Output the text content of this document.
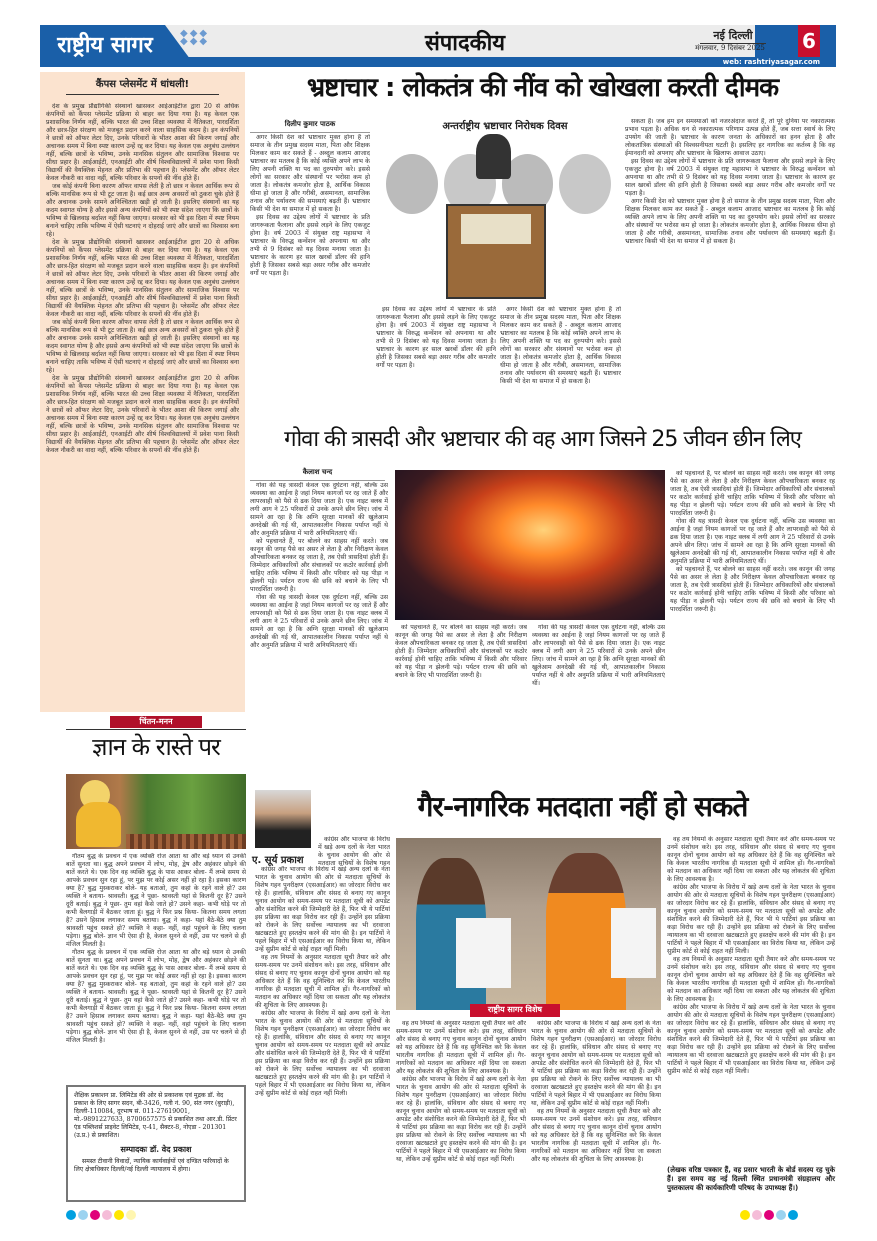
राष्ट्रीय सागर	◆◆◆
◆◆◆	संपादकीय	नई दिल्ली
मंगलवार, 9 दिसंबर 2025 6
web: rashtriyasagar.com
कैंपस प्लेसमेंट में धांधली!

देश के प्रमुख प्रौद्योगिकी संस्थानों खासकर आईआईटीज द्वारा 20 से अधिक कंपनियों को कैंपस प्लेसमेंट प्रक्रिया से बाहर कर दिया गया है। यह केवल एक प्रशासनिक निर्णय नहीं, बल्कि भारत की उच्च शिक्षा व्यवस्था में नैतिकता, पारदर्शिता और छात्र-हित संरक्षण को मजबूत प्रदान करने वाला साहसिक कदम है। इन कंपनियों ने छात्रों को ऑफर लेटर दिए, उनके परिवारों के भीतर आशा की किरण जगाई और अचानक समय में बिना स्पष्ट कारण उन्हें रद्द कर दिया। यह केवल एक अनुबंध उल्लंघन नहीं, बल्कि छात्रों के भविष्य, उनके मानसिक संतुलन और सामाजिक विश्वास पर सीधा प्रहार है। आईआईटी, एनआईटी और शीर्ष विश्वविद्यालयों में प्रवेश पाना किसी विद्यार्थी की वैयक्तिक मेहनत और प्रतिभा की पहचान है। प्लेसमेंट और ऑफर लेटर केवल नौकरी का वादा नहीं, बल्कि परिवार के सपनों की नींव होते हैं।

जब कोई कंपनी बिना कारण ऑफर वापस लेती है तो छात्र न केवल आर्थिक रूप से बल्कि मानसिक रूप से भी टूट जाता है। कई छात्र अन्य अवसरों को ठुकरा चुके होते हैं और अचानक उनके सामने अनिश्चितता खड़ी हो जाती है। इसलिए संस्थानों का यह कदम स्वागत योग्य है और इससे अन्य कंपनियों को भी स्पष्ट संदेश जाएगा कि छात्रों के भविष्य से खिलवाड़ बर्दाश्त नहीं किया जाएगा। सरकार को भी इस दिशा में स्पष्ट नियम बनाने चाहिए ताकि भविष्य में ऐसी घटनाएं न दोहराई जाएं और छात्रों का विश्वास बना रहे।

देश के प्रमुख प्रौद्योगिकी संस्थानों खासकर आईआईटीज द्वारा 20 से अधिक कंपनियों को कैंपस प्लेसमेंट प्रक्रिया से बाहर कर दिया गया है। यह केवल एक प्रशासनिक निर्णय नहीं, बल्कि भारत की उच्च शिक्षा व्यवस्था में नैतिकता, पारदर्शिता और छात्र-हित संरक्षण को मजबूत प्रदान करने वाला साहसिक कदम है। इन कंपनियों ने छात्रों को ऑफर लेटर दिए, उनके परिवारों के भीतर आशा की किरण जगाई और अचानक समय में बिना स्पष्ट कारण उन्हें रद्द कर दिया। यह केवल एक अनुबंध उल्लंघन नहीं, बल्कि छात्रों के भविष्य, उनके मानसिक संतुलन और सामाजिक विश्वास पर सीधा प्रहार है। आईआईटी, एनआईटी और शीर्ष विश्वविद्यालयों में प्रवेश पाना किसी विद्यार्थी की वैयक्तिक मेहनत और प्रतिभा की पहचान है। प्लेसमेंट और ऑफर लेटर केवल नौकरी का वादा नहीं, बल्कि परिवार के सपनों की नींव होते हैं।

जब कोई कंपनी बिना कारण ऑफर वापस लेती है तो छात्र न केवल आर्थिक रूप से बल्कि मानसिक रूप से भी टूट जाता है। कई छात्र अन्य अवसरों को ठुकरा चुके होते हैं और अचानक उनके सामने अनिश्चितता खड़ी हो जाती है। इसलिए संस्थानों का यह कदम स्वागत योग्य है और इससे अन्य कंपनियों को भी स्पष्ट संदेश जाएगा कि छात्रों के भविष्य से खिलवाड़ बर्दाश्त नहीं किया जाएगा। सरकार को भी इस दिशा में स्पष्ट नियम बनाने चाहिए ताकि भविष्य में ऐसी घटनाएं न दोहराई जाएं और छात्रों का विश्वास बना रहे।

देश के प्रमुख प्रौद्योगिकी संस्थानों खासकर आईआईटीज द्वारा 20 से अधिक कंपनियों को कैंपस प्लेसमेंट प्रक्रिया से बाहर कर दिया गया है। यह केवल एक प्रशासनिक निर्णय नहीं, बल्कि भारत की उच्च शिक्षा व्यवस्था में नैतिकता, पारदर्शिता और छात्र-हित संरक्षण को मजबूत प्रदान करने वाला साहसिक कदम है। इन कंपनियों ने छात्रों को ऑफर लेटर दिए, उनके परिवारों के भीतर आशा की किरण जगाई और अचानक समय में बिना स्पष्ट कारण उन्हें रद्द कर दिया। यह केवल एक अनुबंध उल्लंघन नहीं, बल्कि छात्रों के भविष्य, उनके मानसिक संतुलन और सामाजिक विश्वास पर सीधा प्रहार है। आईआईटी, एनआईटी और शीर्ष विश्वविद्यालयों में प्रवेश पाना किसी विद्यार्थी की वैयक्तिक मेहनत और प्रतिभा की पहचान है। प्लेसमेंट और ऑफर लेटर केवल नौकरी का वादा नहीं, बल्कि परिवार के सपनों की नींव होते हैं।

चिंतन-मनन
ज्ञान के रास्ते पर

गौतम बुद्ध के प्रवचन में एक व्यक्ति रोज आता था और बड़े ध्यान से उनकी बातें सुनता था। बुद्ध अपने प्रवचन में लोभ, मोह, द्वेष और अहंकार छोड़ने की बातें करते थे। एक दिन वह व्यक्ति बुद्ध के पास आकर बोला- मैं लम्बे समय से आपके प्रवचन सुन रहा हूं, पर मुझ पर कोई असर नहीं हो रहा है। इसका कारण क्या है? बुद्ध मुस्कराकर बोले- यह बताओ, तुम कहां के रहने वाले हो? उस व्यक्ति ने बताया- श्रावस्ती। बुद्ध ने पूछा- श्रावस्ती यहां से कितनी दूर है? उसने दूरी बताई। बुद्ध ने पूछा- तुम वहां कैसे जाते हो? उसने कहा- कभी घोड़े पर तो कभी बैलगाड़ी में बैठकर जाता हूं। बुद्ध ने फिर प्रश्न किया- कितना समय लगता है? उसने हिसाब लगाकर समय बताया। बुद्ध ने कहा- यहां बैठे-बैठे क्या तुम श्रावस्ती पहुंच सकते हो? व्यक्ति ने कहा- नहीं, वहां पहुंचने के लिए चलना पड़ेगा। बुद्ध बोले- ज्ञान भी ऐसा ही है, केवल सुनने से नहीं, उस पर चलने से ही मंजिल मिलती है।

गौतम बुद्ध के प्रवचन में एक व्यक्ति रोज आता था और बड़े ध्यान से उनकी बातें सुनता था। बुद्ध अपने प्रवचन में लोभ, मोह, द्वेष और अहंकार छोड़ने की बातें करते थे। एक दिन वह व्यक्ति बुद्ध के पास आकर बोला- मैं लम्बे समय से आपके प्रवचन सुन रहा हूं, पर मुझ पर कोई असर नहीं हो रहा है। इसका कारण क्या है? बुद्ध मुस्कराकर बोले- यह बताओ, तुम कहां के रहने वाले हो? उस व्यक्ति ने बताया- श्रावस्ती। बुद्ध ने पूछा- श्रावस्ती यहां से कितनी दूर है? उसने दूरी बताई। बुद्ध ने पूछा- तुम वहां कैसे जाते हो? उसने कहा- कभी घोड़े पर तो कभी बैलगाड़ी में बैठकर जाता हूं। बुद्ध ने फिर प्रश्न किया- कितना समय लगता है? उसने हिसाब लगाकर समय बताया। बुद्ध ने कहा- यहां बैठे-बैठे क्या तुम श्रावस्ती पहुंच सकते हो? व्यक्ति ने कहा- नहीं, वहां पहुंचने के लिए चलना पड़ेगा। बुद्ध बोले- ज्ञान भी ऐसा ही है, केवल सुनने से नहीं, उस पर चलने से ही मंजिल मिलती है।

शैक्षिक प्रकाशन प्रा. लिमिटेड की ओर से प्रकाशक एवं मुद्रक डॉ. वेद प्रकाश के लिए सागर सदन, बी-3426, गली नं. 90, संत नगर (बुराड़ी), दिल्ली-110084, दूरभाष सं. 011-27619001, मो.-9891227633, 8700657575 से प्रकाशित तथा आर.डी. प्रिंटर एंड पब्लिशर्स प्राइवेट लिमिटेड, ए-41, सैक्टर-8, नोएडा - 201301 (उ.प्र.) से प्रकाशित।

सम्पादकः डॉ. वेद प्रकाश

समस्त टीवानी विवादों, न्यायिक कार्यवाईयों एवं दण्डित फरियादों के लिए क्षेत्राधिकार दिल्ली/नई दिल्ली न्यायालय में होगा।

भ्रष्टाचार : लोकतंत्र की नींव को खोखला करती दीमक
दिलीप कुमार पाठक	अन्तर्राष्ट्रीय भ्रष्टाचार निरोधक दिवस

अगर किसी देश को भ्रष्टाचार मुक्त होना है तो समाज के तीन प्रमुख सदस्य माता, पिता और शिक्षक मिलकर काम कर सकते हैं - अब्दुल कलाम आजाद भ्रष्टाचार का मतलब है कि कोई व्यक्ति अपने लाभ के लिए अपनी शक्ति या पद का दुरुपयोग करे। इससे लोगों का सरकार और संस्थानों पर भरोसा कम हो जाता है। लोकतंत्र कमजोर होता है, आर्थिक विकास धीमा हो जाता है और गरीबी, असमानता, सामाजिक तनाव और पर्यावरण की समस्याएं बढ़ती हैं। भ्रष्टाचार किसी भी देश या समाज में हो सकता है।

इस दिवस का उद्देश्य लोगों में भ्रष्टाचार के प्रति जागरूकता फैलाना और इससे लड़ने के लिए एकजुट होना है। वर्ष 2003 में संयुक्त राष्ट्र महासभा ने भ्रष्टाचार के विरुद्ध कन्वेंशन को अपनाया था और तभी से 9 दिसंबर को यह दिवस मनाया जाता है। भ्रष्टाचार के कारण हर साल खरबों डॉलर की हानि होती है जिसका सबसे बड़ा असर गरीब और कमजोर वर्गों पर पड़ता है।

इस दिवस का उद्देश्य लोगों में भ्रष्टाचार के प्रति जागरूकता फैलाना और इससे लड़ने के लिए एकजुट होना है। वर्ष 2003 में संयुक्त राष्ट्र महासभा ने भ्रष्टाचार के विरुद्ध कन्वेंशन को अपनाया था और तभी से 9 दिसंबर को यह दिवस मनाया जाता है। भ्रष्टाचार के कारण हर साल खरबों डॉलर की हानि होती है जिसका सबसे बड़ा असर गरीब और कमजोर वर्गों पर पड़ता है।

अगर किसी देश को भ्रष्टाचार मुक्त होना है तो समाज के तीन प्रमुख सदस्य माता, पिता और शिक्षक मिलकर काम कर सकते हैं - अब्दुल कलाम आजाद भ्रष्टाचार का मतलब है कि कोई व्यक्ति अपने लाभ के लिए अपनी शक्ति या पद का दुरुपयोग करे। इससे लोगों का सरकार और संस्थानों पर भरोसा कम हो जाता है। लोकतंत्र कमजोर होता है, आर्थिक विकास धीमा हो जाता है और गरीबी, असमानता, सामाजिक तनाव और पर्यावरण की समस्याएं बढ़ती हैं। भ्रष्टाचार किसी भी देश या समाज में हो सकता है।

सकता है। जब हम इन समस्याओं को नजरअंदाज करते हैं, तो पूरे दुनिया पर नकारात्मक प्रभाव पड़ता है। अधिक धन से नकारात्मक परिणाम उत्पन्न होते हैं, जब सत्ता स्वार्थ के लिए उपयोग की जाती है। भ्रष्टाचार के कारण जनता के अधिकारों का हनन होता है और लोकतांत्रिक संस्थाओं की विश्वसनीयता घटती है। इसलिए हर नागरिक का कर्तव्य है कि वह ईमानदारी को अपनाए और भ्रष्टाचार के खिलाफ आवाज उठाए।

इस दिवस का उद्देश्य लोगों में भ्रष्टाचार के प्रति जागरूकता फैलाना और इससे लड़ने के लिए एकजुट होना है। वर्ष 2003 में संयुक्त राष्ट्र महासभा ने भ्रष्टाचार के विरुद्ध कन्वेंशन को अपनाया था और तभी से 9 दिसंबर को यह दिवस मनाया जाता है। भ्रष्टाचार के कारण हर साल खरबों डॉलर की हानि होती है जिसका सबसे बड़ा असर गरीब और कमजोर वर्गों पर पड़ता है।

अगर किसी देश को भ्रष्टाचार मुक्त होना है तो समाज के तीन प्रमुख सदस्य माता, पिता और शिक्षक मिलकर काम कर सकते हैं - अब्दुल कलाम आजाद भ्रष्टाचार का मतलब है कि कोई व्यक्ति अपने लाभ के लिए अपनी शक्ति या पद का दुरुपयोग करे। इससे लोगों का सरकार और संस्थानों पर भरोसा कम हो जाता है। लोकतंत्र कमजोर होता है, आर्थिक विकास धीमा हो जाता है और गरीबी, असमानता, सामाजिक तनाव और पर्यावरण की समस्याएं बढ़ती हैं। भ्रष्टाचार किसी भी देश या समाज में हो सकता है।

गोवा की त्रासदी और भ्रष्टाचार की वह आग जिसने 25 जीवन छीन लिए
कैलाश चन्द

गोवा की यह त्रासदी केवल एक दुर्घटना नहीं, बल्कि उस व्यवस्था का आईना है जहां नियम कागजों पर रह जाते हैं और लापरवाही को पैसे से ढक दिया जाता है। एक नाइट क्लब में लगी आग ने 25 परिवारों से उनके अपने छीन लिए। जांच में सामने आ रहा है कि अग्नि सुरक्षा मानकों की खुलेआम अनदेखी की गई थी, आपातकालीन निकास पर्याप्त नहीं थे और अनुमति प्रक्रिया में भारी अनियमितताएं थीं।

को पहचानते हैं, पर बोलने का साहस नहीं करते। जब कानून की जगह पैसे का असर ले लेता है और निरीक्षण केवल औपचारिकता बनकर रह जाता है, तब ऐसी त्रासदियां होती हैं। जिम्मेदार अधिकारियों और संचालकों पर कठोर कार्रवाई होनी चाहिए ताकि भविष्य में किसी और परिवार को यह पीड़ा न झेलनी पड़े। पर्यटन राज्य की छवि को बचाने के लिए भी पारदर्शिता जरूरी है।

गोवा की यह त्रासदी केवल एक दुर्घटना नहीं, बल्कि उस व्यवस्था का आईना है जहां नियम कागजों पर रह जाते हैं और लापरवाही को पैसे से ढक दिया जाता है। एक नाइट क्लब में लगी आग ने 25 परिवारों से उनके अपने छीन लिए। जांच में सामने आ रहा है कि अग्नि सुरक्षा मानकों की खुलेआम अनदेखी की गई थी, आपातकालीन निकास पर्याप्त नहीं थे और अनुमति प्रक्रिया में भारी अनियमितताएं थीं।

को पहचानते हैं, पर बोलने का साहस नहीं करते। जब कानून की जगह पैसे का असर ले लेता है और निरीक्षण केवल औपचारिकता बनकर रह जाता है, तब ऐसी त्रासदियां होती हैं। जिम्मेदार अधिकारियों और संचालकों पर कठोर कार्रवाई होनी चाहिए ताकि भविष्य में किसी और परिवार को यह पीड़ा न झेलनी पड़े। पर्यटन राज्य की छवि को बचाने के लिए भी पारदर्शिता जरूरी है।

गोवा की यह त्रासदी केवल एक दुर्घटना नहीं, बल्कि उस व्यवस्था का आईना है जहां नियम कागजों पर रह जाते हैं और लापरवाही को पैसे से ढक दिया जाता है। एक नाइट क्लब में लगी आग ने 25 परिवारों से उनके अपने छीन लिए। जांच में सामने आ रहा है कि अग्नि सुरक्षा मानकों की खुलेआम अनदेखी की गई थी, आपातकालीन निकास पर्याप्त नहीं थे और अनुमति प्रक्रिया में भारी अनियमितताएं थीं।

को पहचानते हैं, पर बोलने का साहस नहीं करते। जब कानून की जगह पैसे का असर ले लेता है और निरीक्षण केवल औपचारिकता बनकर रह जाता है, तब ऐसी त्रासदियां होती हैं। जिम्मेदार अधिकारियों और संचालकों पर कठोर कार्रवाई होनी चाहिए ताकि भविष्य में किसी और परिवार को यह पीड़ा न झेलनी पड़े। पर्यटन राज्य की छवि को बचाने के लिए भी पारदर्शिता जरूरी है।

गोवा की यह त्रासदी केवल एक दुर्घटना नहीं, बल्कि उस व्यवस्था का आईना है जहां नियम कागजों पर रह जाते हैं और लापरवाही को पैसे से ढक दिया जाता है। एक नाइट क्लब में लगी आग ने 25 परिवारों से उनके अपने छीन लिए। जांच में सामने आ रहा है कि अग्नि सुरक्षा मानकों की खुलेआम अनदेखी की गई थी, आपातकालीन निकास पर्याप्त नहीं थे और अनुमति प्रक्रिया में भारी अनियमितताएं थीं।

को पहचानते हैं, पर बोलने का साहस नहीं करते। जब कानून की जगह पैसे का असर ले लेता है और निरीक्षण केवल औपचारिकता बनकर रह जाता है, तब ऐसी त्रासदियां होती हैं। जिम्मेदार अधिकारियों और संचालकों पर कठोर कार्रवाई होनी चाहिए ताकि भविष्य में किसी और परिवार को यह पीड़ा न झेलनी पड़े। पर्यटन राज्य की छवि को बचाने के लिए भी पारदर्शिता जरूरी है।

ए. सूर्य प्रकाश
गैर-नागरिक मतदाता नहीं हो सकते

कांग्रेस और भाजपा के विरोध में खड़े अन्य दलों के नेता भारत के चुनाव आयोग की ओर से मतदाता सूचियों के विशेष गहन

कांग्रेस और भाजपा के विरोध में खड़े अन्य दलों के नेता भारत के चुनाव आयोग की ओर से मतदाता सूचियों के विशेष गहन पुनरीक्षण (एसआईआर) का जोरदार विरोध कर रहे हैं। हालांकि, संविधान और संसद से बनाए गए कानून चुनाव आयोग को समय-समय पर मतदाता सूची को अपडेट और संशोधित करने की जिम्मेदारी देते हैं, फिर भी ये पार्टियां इस प्रक्रिया का कड़ा विरोध कर रही हैं। उन्होंने इस प्रक्रिया को रोकने के लिए सर्वोच्च न्यायालय का भी दरवाजा खटखटाते हुए हस्तक्षेप करने की मांग की है। इन पार्टियों ने पहले बिहार में भी एसआईआर का विरोध किया था, लेकिन उन्हें सुप्रीम कोर्ट से कोई राहत नहीं मिली।

वह तय नियमों के अनुसार मतदाता सूची तैयार करे और समय-समय पर उनमें संशोधन करे। इस तरह, संविधान और संसद से बनाए गए चुनाव कानून दोनों चुनाव आयोग को यह अधिकार देते हैं कि वह सुनिश्चित करे कि केवल भारतीय नागरिक ही मतदाता सूची में शामिल हों। गैर-नागरिकों को मतदान का अधिकार नहीं दिया जा सकता और यह लोकतंत्र की शुचिता के लिए आवश्यक है।

कांग्रेस और भाजपा के विरोध में खड़े अन्य दलों के नेता भारत के चुनाव आयोग की ओर से मतदाता सूचियों के विशेष गहन पुनरीक्षण (एसआईआर) का जोरदार विरोध कर रहे हैं। हालांकि, संविधान और संसद से बनाए गए कानून चुनाव आयोग को समय-समय पर मतदाता सूची को अपडेट और संशोधित करने की जिम्मेदारी देते हैं, फिर भी ये पार्टियां इस प्रक्रिया का कड़ा विरोध कर रही हैं। उन्होंने इस प्रक्रिया को रोकने के लिए सर्वोच्च न्यायालय का भी दरवाजा खटखटाते हुए हस्तक्षेप करने की मांग की है। इन पार्टियों ने पहले बिहार में भी एसआईआर का विरोध किया था, लेकिन उन्हें सुप्रीम कोर्ट से कोई राहत नहीं मिली।

राष्ट्रीय सागर विशेष

वह तय नियमों के अनुसार मतदाता सूची तैयार करे और समय-समय पर उनमें संशोधन करे। इस तरह, संविधान और संसद से बनाए गए चुनाव कानून दोनों चुनाव आयोग को यह अधिकार देते हैं कि वह सुनिश्चित करे कि केवल भारतीय नागरिक ही मतदाता सूची में शामिल हों। गैर-नागरिकों को मतदान का अधिकार नहीं दिया जा सकता और यह लोकतंत्र की शुचिता के लिए आवश्यक है।

कांग्रेस और भाजपा के विरोध में खड़े अन्य दलों के नेता भारत के चुनाव आयोग की ओर से मतदाता सूचियों के विशेष गहन पुनरीक्षण (एसआईआर) का जोरदार विरोध कर रहे हैं। हालांकि, संविधान और संसद से बनाए गए कानून चुनाव आयोग को समय-समय पर मतदाता सूची को अपडेट और संशोधित करने की जिम्मेदारी देते हैं, फिर भी ये पार्टियां इस प्रक्रिया का कड़ा विरोध कर रही हैं। उन्होंने इस प्रक्रिया को रोकने के लिए सर्वोच्च न्यायालय का भी दरवाजा खटखटाते हुए हस्तक्षेप करने की मांग की है। इन पार्टियों ने पहले बिहार में भी एसआईआर का विरोध किया था, लेकिन उन्हें सुप्रीम कोर्ट से कोई राहत नहीं मिली।

कांग्रेस और भाजपा के विरोध में खड़े अन्य दलों के नेता भारत के चुनाव आयोग की ओर से मतदाता सूचियों के विशेष गहन पुनरीक्षण (एसआईआर) का जोरदार विरोध कर रहे हैं। हालांकि, संविधान और संसद से बनाए गए कानून चुनाव आयोग को समय-समय पर मतदाता सूची को अपडेट और संशोधित करने की जिम्मेदारी देते हैं, फिर भी ये पार्टियां इस प्रक्रिया का कड़ा विरोध कर रही हैं। उन्होंने इस प्रक्रिया को रोकने के लिए सर्वोच्च न्यायालय का भी दरवाजा खटखटाते हुए हस्तक्षेप करने की मांग की है। इन पार्टियों ने पहले बिहार में भी एसआईआर का विरोध किया था, लेकिन उन्हें सुप्रीम कोर्ट से कोई राहत नहीं मिली।

वह तय नियमों के अनुसार मतदाता सूची तैयार करे और समय-समय पर उनमें संशोधन करे। इस तरह, संविधान और संसद से बनाए गए चुनाव कानून दोनों चुनाव आयोग को यह अधिकार देते हैं कि वह सुनिश्चित करे कि केवल भारतीय नागरिक ही मतदाता सूची में शामिल हों। गैर-नागरिकों को मतदान का अधिकार नहीं दिया जा सकता और यह लोकतंत्र की शुचिता के लिए आवश्यक है।

वह तय नियमों के अनुसार मतदाता सूची तैयार करे और समय-समय पर उनमें संशोधन करे। इस तरह, संविधान और संसद से बनाए गए चुनाव कानून दोनों चुनाव आयोग को यह अधिकार देते हैं कि वह सुनिश्चित करे कि केवल भारतीय नागरिक ही मतदाता सूची में शामिल हों। गैर-नागरिकों को मतदान का अधिकार नहीं दिया जा सकता और यह लोकतंत्र की शुचिता के लिए आवश्यक है।

कांग्रेस और भाजपा के विरोध में खड़े अन्य दलों के नेता भारत के चुनाव आयोग की ओर से मतदाता सूचियों के विशेष गहन पुनरीक्षण (एसआईआर) का जोरदार विरोध कर रहे हैं। हालांकि, संविधान और संसद से बनाए गए कानून चुनाव आयोग को समय-समय पर मतदाता सूची को अपडेट और संशोधित करने की जिम्मेदारी देते हैं, फिर भी ये पार्टियां इस प्रक्रिया का कड़ा विरोध कर रही हैं। उन्होंने इस प्रक्रिया को रोकने के लिए सर्वोच्च न्यायालय का भी दरवाजा खटखटाते हुए हस्तक्षेप करने की मांग की है। इन पार्टियों ने पहले बिहार में भी एसआईआर का विरोध किया था, लेकिन उन्हें सुप्रीम कोर्ट से कोई राहत नहीं मिली।

वह तय नियमों के अनुसार मतदाता सूची तैयार करे और समय-समय पर उनमें संशोधन करे। इस तरह, संविधान और संसद से बनाए गए चुनाव कानून दोनों चुनाव आयोग को यह अधिकार देते हैं कि वह सुनिश्चित करे कि केवल भारतीय नागरिक ही मतदाता सूची में शामिल हों। गैर-नागरिकों को मतदान का अधिकार नहीं दिया जा सकता और यह लोकतंत्र की शुचिता के लिए आवश्यक है।

कांग्रेस और भाजपा के विरोध में खड़े अन्य दलों के नेता भारत के चुनाव आयोग की ओर से मतदाता सूचियों के विशेष गहन पुनरीक्षण (एसआईआर) का जोरदार विरोध कर रहे हैं। हालांकि, संविधान और संसद से बनाए गए कानून चुनाव आयोग को समय-समय पर मतदाता सूची को अपडेट और संशोधित करने की जिम्मेदारी देते हैं, फिर भी ये पार्टियां इस प्रक्रिया का कड़ा विरोध कर रही हैं। उन्होंने इस प्रक्रिया को रोकने के लिए सर्वोच्च न्यायालय का भी दरवाजा खटखटाते हुए हस्तक्षेप करने की मांग की है। इन पार्टियों ने पहले बिहार में भी एसआईआर का विरोध किया था, लेकिन उन्हें सुप्रीम कोर्ट से कोई राहत नहीं मिली।

(लेखक वरिष्ठ पत्रकार हैं, वह प्रसार भारती के बोर्ड सदस्य रह चुके हैं। इस समय वह नई दिल्ली स्थित प्रधानमंत्री संग्रहालय और पुस्तकालय की कार्यकारिणी परिषद के उपाध्यक्ष हैं।)
